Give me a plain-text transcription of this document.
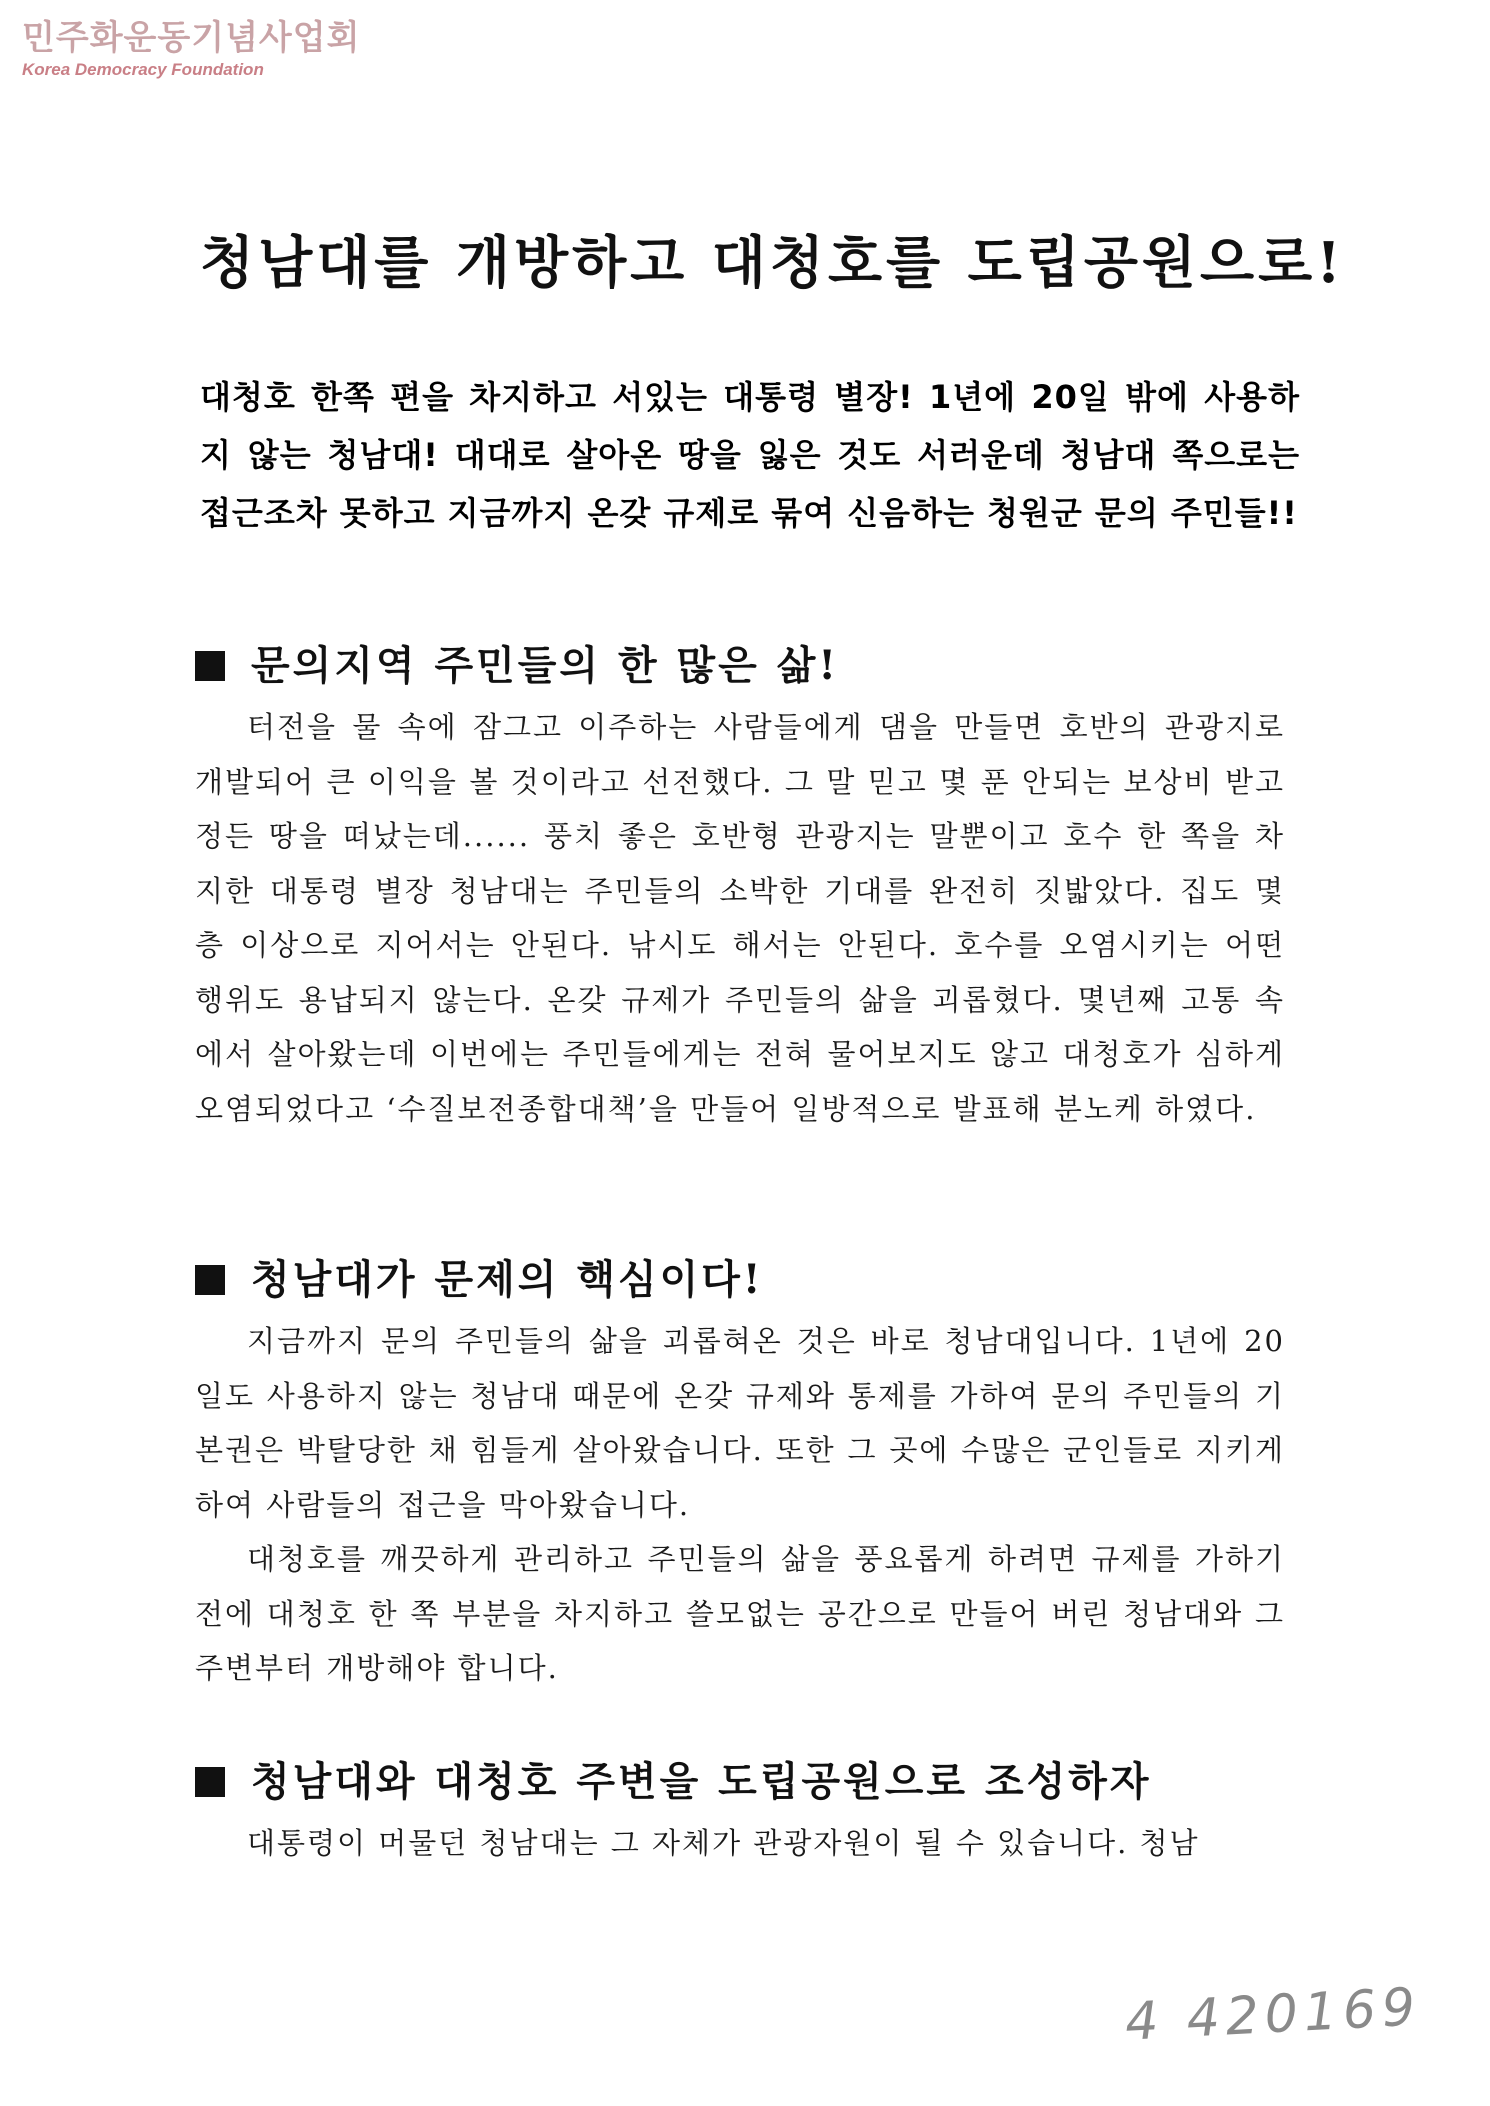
민주화운동기념사업회
Korea Democracy Foundation
청남대를 개방하고 대청호를 도립공원으로!
대청호 한쪽 편을 차지하고 서있는 대통령 별장! 1년에 20일 밖에 사용하지 않는 청남대! 대대로 살아온 땅을 잃은 것도 서러운데 청남대 쪽으로는 접근조차 못하고 지금까지 온갖 규제로 묶여 신음하는 청원군 문의 주민들!!
문의지역 주민들의 한 많은 삶!

터전을 물 속에 잠그고 이주하는 사람들에게 댐을 만들면 호반의 관광지로 개발되어 큰 이익을 볼 것이라고 선전했다. 그 말 믿고 몇 푼 안되는 보상비 받고 정든 땅을 떠났는데...... 풍치 좋은 호반형 관광지는 말뿐이고 호수 한 쪽을 차지한 대통령 별장 청남대는 주민들의 소박한 기대를 완전히 짓밟았다. 집도 몇 층 이상으로 지어서는 안된다. 낚시도 해서는 안된다. 호수를 오염시키는 어떤 행위도 용납되지 않는다. 온갖 규제가 주민들의 삶을 괴롭혔다. 몇년째 고통 속에서 살아왔는데 이번에는 주민들에게는 전혀 물어보지도 않고 대청호가 심하게 오염되었다고 ‘수질보전종합대책’을 만들어 일방적으로 발표해 분노케 하였다.

청남대가 문제의 핵심이다!

지금까지 문의 주민들의 삶을 괴롭혀온 것은 바로 청남대입니다. 1년에 20일도 사용하지 않는 청남대 때문에 온갖 규제와 통제를 가하여 문의 주민들의 기본권은 박탈당한 채 힘들게 살아왔습니다. 또한 그 곳에 수많은 군인들로 지키게 하여 사람들의 접근을 막아왔습니다.

대청호를 깨끗하게 관리하고 주민들의 삶을 풍요롭게 하려면 규제를 가하기 전에 대청호 한 쪽 부분을 차지하고 쓸모없는 공간으로 만들어 버린 청남대와 그 주변부터 개방해야 합니다.

청남대와 대청호 주변을 도립공원으로 조성하자

대통령이 머물던 청남대는 그 자체가 관광자원이 될 수 있습니다. 청남

4 420169
